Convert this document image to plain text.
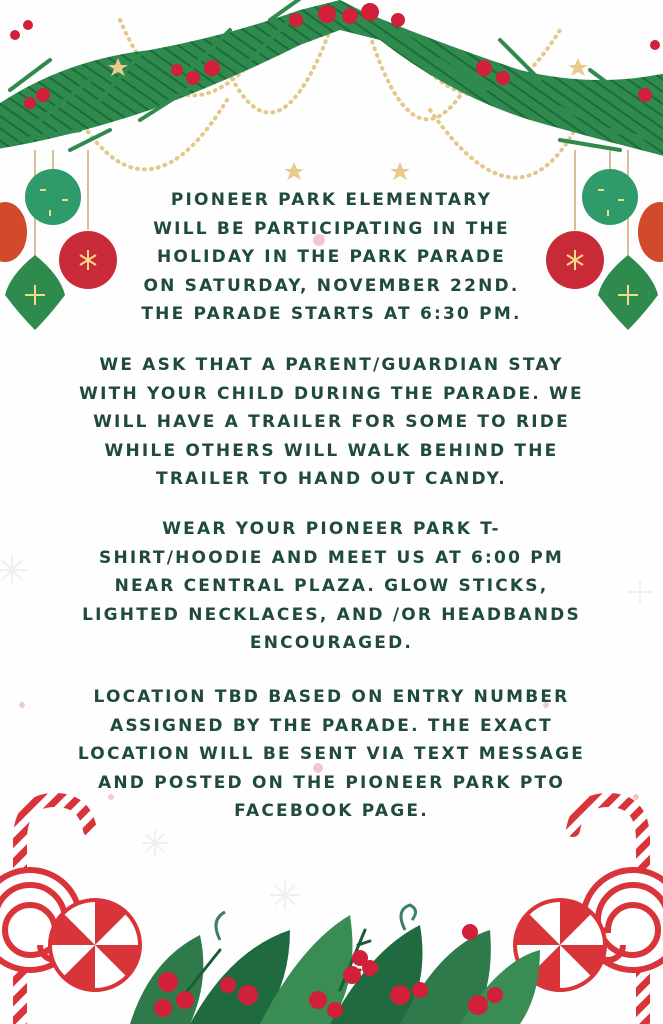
PIONEER PARK ELEMENTARY
WILL BE PARTICIPATING IN THE
HOLIDAY IN THE PARK PARADE
ON SATURDAY, NOVEMBER 22ND.
THE PARADE STARTS AT 6:30 PM.
WE ASK THAT A PARENT/GUARDIAN STAY
WITH YOUR CHILD DURING THE PARADE. WE
WILL HAVE A TRAILER FOR SOME TO RIDE
WHILE OTHERS WILL WALK BEHIND THE
TRAILER TO HAND OUT CANDY.
WEAR YOUR PIONEER PARK T-
SHIRT/HOODIE AND MEET US AT 6:00 PM
NEAR CENTRAL PLAZA. GLOW STICKS,
LIGHTED NECKLACES, AND /OR HEADBANDS
ENCOURAGED.
LOCATION TBD BASED ON ENTRY NUMBER
ASSIGNED BY THE PARADE. THE EXACT
LOCATION WILL BE SENT VIA TEXT MESSAGE
AND POSTED ON THE PIONEER PARK PTO
FACEBOOK PAGE.
